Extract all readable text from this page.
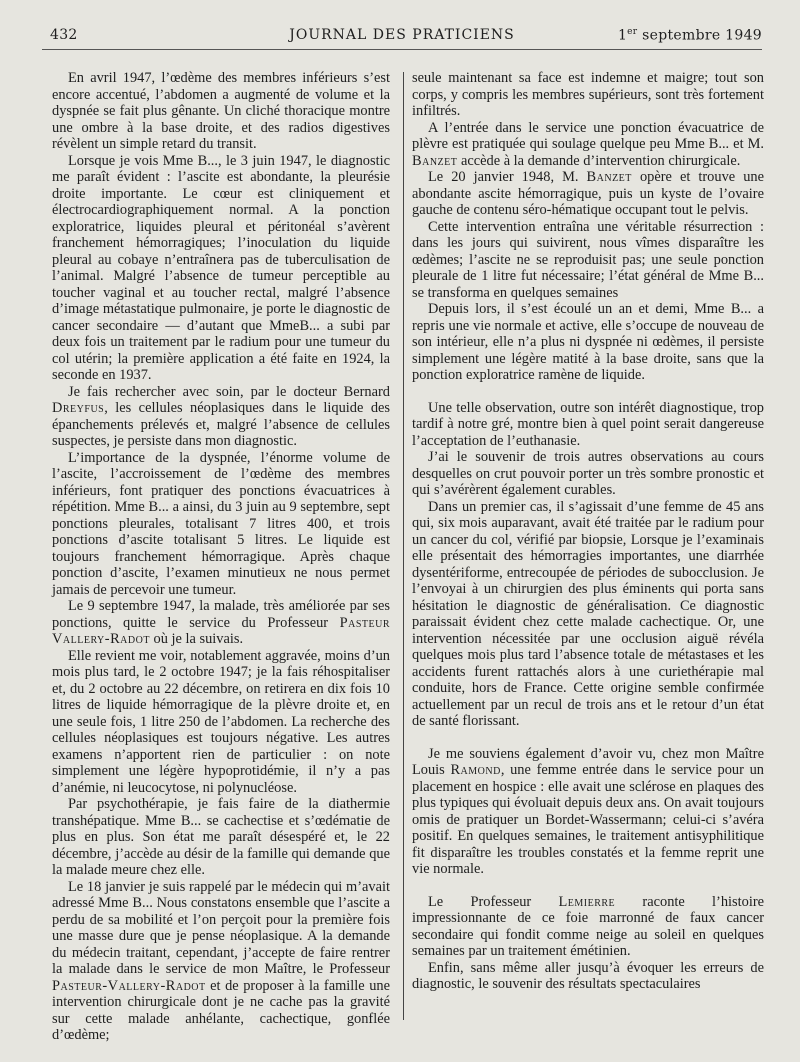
432	JOURNAL DES PRATICIENS	1er septembre 1949

En avril 1947, l’œdème des membres inférieurs s’est encore accentué, l’abdomen a augmenté de volume et la dyspnée se fait plus gênante. Un cliché thoracique montre une ombre à la base droite, et des radios digestives révèlent un simple retard du transit.

Lorsque je vois Mme B..., le 3 juin 1947, le diagnostic me paraît évident : l’ascite est abondante, la pleurésie droite importante. Le cœur est cliniquement et électrocardiographiquement normal. A la ponction exploratrice, liquides pleural et péritonéal s’avèrent franchement hémorragiques; l’inoculation du liquide pleural au cobaye n’entraînera pas de tuberculisation de l’animal. Malgré l’absence de tumeur perceptible au toucher vaginal et au toucher rectal, malgré l’absence d’image métastatique pulmonaire, je porte le diagnostic de cancer secondaire — d’autant que MmeB... a subi par deux fois un traitement par le radium pour une tumeur du col utérin; la première application a été faite en 1924, la seconde en 1937.

Je fais rechercher avec soin, par le docteur Bernard Dreyfus, les cellules néoplasiques dans le liquide des épanchements prélevés et, malgré l’absence de cellules suspectes, je persiste dans mon diagnostic.

L’importance de la dyspnée, l’énorme volume de l’ascite, l’accroissement de l’œdème des membres inférieurs, font pratiquer des ponctions évacuatrices à répétition. Mme B... a ainsi, du 3 juin au 9 septembre, sept ponctions pleurales, totalisant 7 litres 400, et trois ponctions d’ascite totalisant 5 litres. Le liquide est toujours franchement hémorragique. Après chaque ponction d’ascite, l’examen minutieux ne nous permet jamais de percevoir une tumeur.

Le 9 septembre 1947, la malade, très améliorée par ses ponctions, quitte le service du Professeur Pasteur Vallery-Radot où je la suivais.

Elle revient me voir, notablement aggravée, moins d’un mois plus tard, le 2 octobre 1947; je la fais réhospitaliser et, du 2 octobre au 22 décembre, on retirera en dix fois 10 litres de liquide hémorragique de la plèvre droite et, en une seule fois, 1 litre 250 de l’abdomen. La recherche des cellules néoplasiques est toujours négative. Les autres examens n’apportent rien de particulier : on note simplement une légère hypoprotidémie, il n’y a pas d’anémie, ni leucocytose, ni polynucléose.

Par psychothérapie, je fais faire de la diathermie transhépatique. Mme B... se cachectise et s’œdématie de plus en plus. Son état me paraît désespéré et, le 22 décembre, j’accède au désir de la famille qui demande que la malade meure chez elle.

Le 18 janvier je suis rappelé par le médecin qui m’avait adressé Mme B... Nous constatons ensemble que l’ascite a perdu de sa mobilité et l’on perçoit pour la première fois une masse dure que je pense néoplasique. A la demande du médecin traitant, cependant, j’accepte de faire rentrer la malade dans le service de mon Maître, le Professeur Pasteur-Vallery-Radot et de proposer à la famille une intervention chirurgicale dont je ne cache pas la gravité sur cette malade anhélante, cachectique, gonflée d’œdème;

seule maintenant sa face est indemne et maigre; tout son corps, y compris les membres supérieurs, sont très fortement infiltrés.

A l’entrée dans le service une ponction évacuatrice de plèvre est pratiquée qui soulage quelque peu Mme B... et M. Banzet accède à la demande d’intervention chirurgicale.

Le 20 janvier 1948, M. Banzet opère et trouve une abondante ascite hémorragique, puis un kyste de l’ovaire gauche de contenu séro-hématique occupant tout le pelvis.

Cette intervention entraîna une véritable résurrection : dans les jours qui suivirent, nous vîmes disparaître les œdèmes; l’ascite ne se reproduisit pas; une seule ponction pleurale de 1 litre fut nécessaire; l’état général de Mme B... se transforma en quelques semaines

Depuis lors, il s’est écoulé un an et demi, Mme B... a repris une vie normale et active, elle s’occupe de nouveau de son intérieur, elle n’a plus ni dyspnée ni œdèmes, il persiste simplement une légère matité à la base droite, sans que la ponction exploratrice ramène de liquide.

Une telle observation, outre son intérêt diagnostique, trop tardif à notre gré, montre bien à quel point serait dangereuse l’acceptation de l’euthanasie.

J’ai le souvenir de trois autres observations au cours desquelles on crut pouvoir porter un très sombre pronostic et qui s’avérèrent également curables.

Dans un premier cas, il s’agissait d’une femme de 45 ans qui, six mois auparavant, avait été traitée par le radium pour un cancer du col, vérifié par biopsie, Lorsque je l’examinais elle présentait des hémorragies importantes, une diarrhée dysentériforme, entrecoupée de périodes de subocclusion. Je l’envoyai à un chirurgien des plus éminents qui porta sans hésitation le diagnostic de généralisation. Ce diagnostic paraissait évident chez cette malade cachectique. Or, une intervention nécessitée par une occlusion aiguë révéla quelques mois plus tard l’absence totale de métastases et les accidents furent rattachés alors à une curiethérapie mal conduite, hors de France. Cette origine semble confirmée actuellement par un recul de trois ans et le retour d’un état de santé florissant.

Je me souviens également d’avoir vu, chez mon Maître Louis Ramond, une femme entrée dans le service pour un placement en hospice : elle avait une sclérose en plaques des plus typiques qui évoluait depuis deux ans. On avait toujours omis de pratiquer un Bordet-Wassermann; celui-ci s’avéra positif. En quelques semaines, le traitement antisyphilitique fit disparaître les troubles constatés et la femme reprit une vie normale.

Le Professeur Lemierre raconte l’histoire impressionnante de ce foie marronné de faux cancer secondaire qui fondit comme neige au soleil en quelques semaines par un traitement émétinien.

Enfin, sans même aller jusqu’à évoquer les erreurs de diagnostic, le souvenir des résultats spectaculaires
